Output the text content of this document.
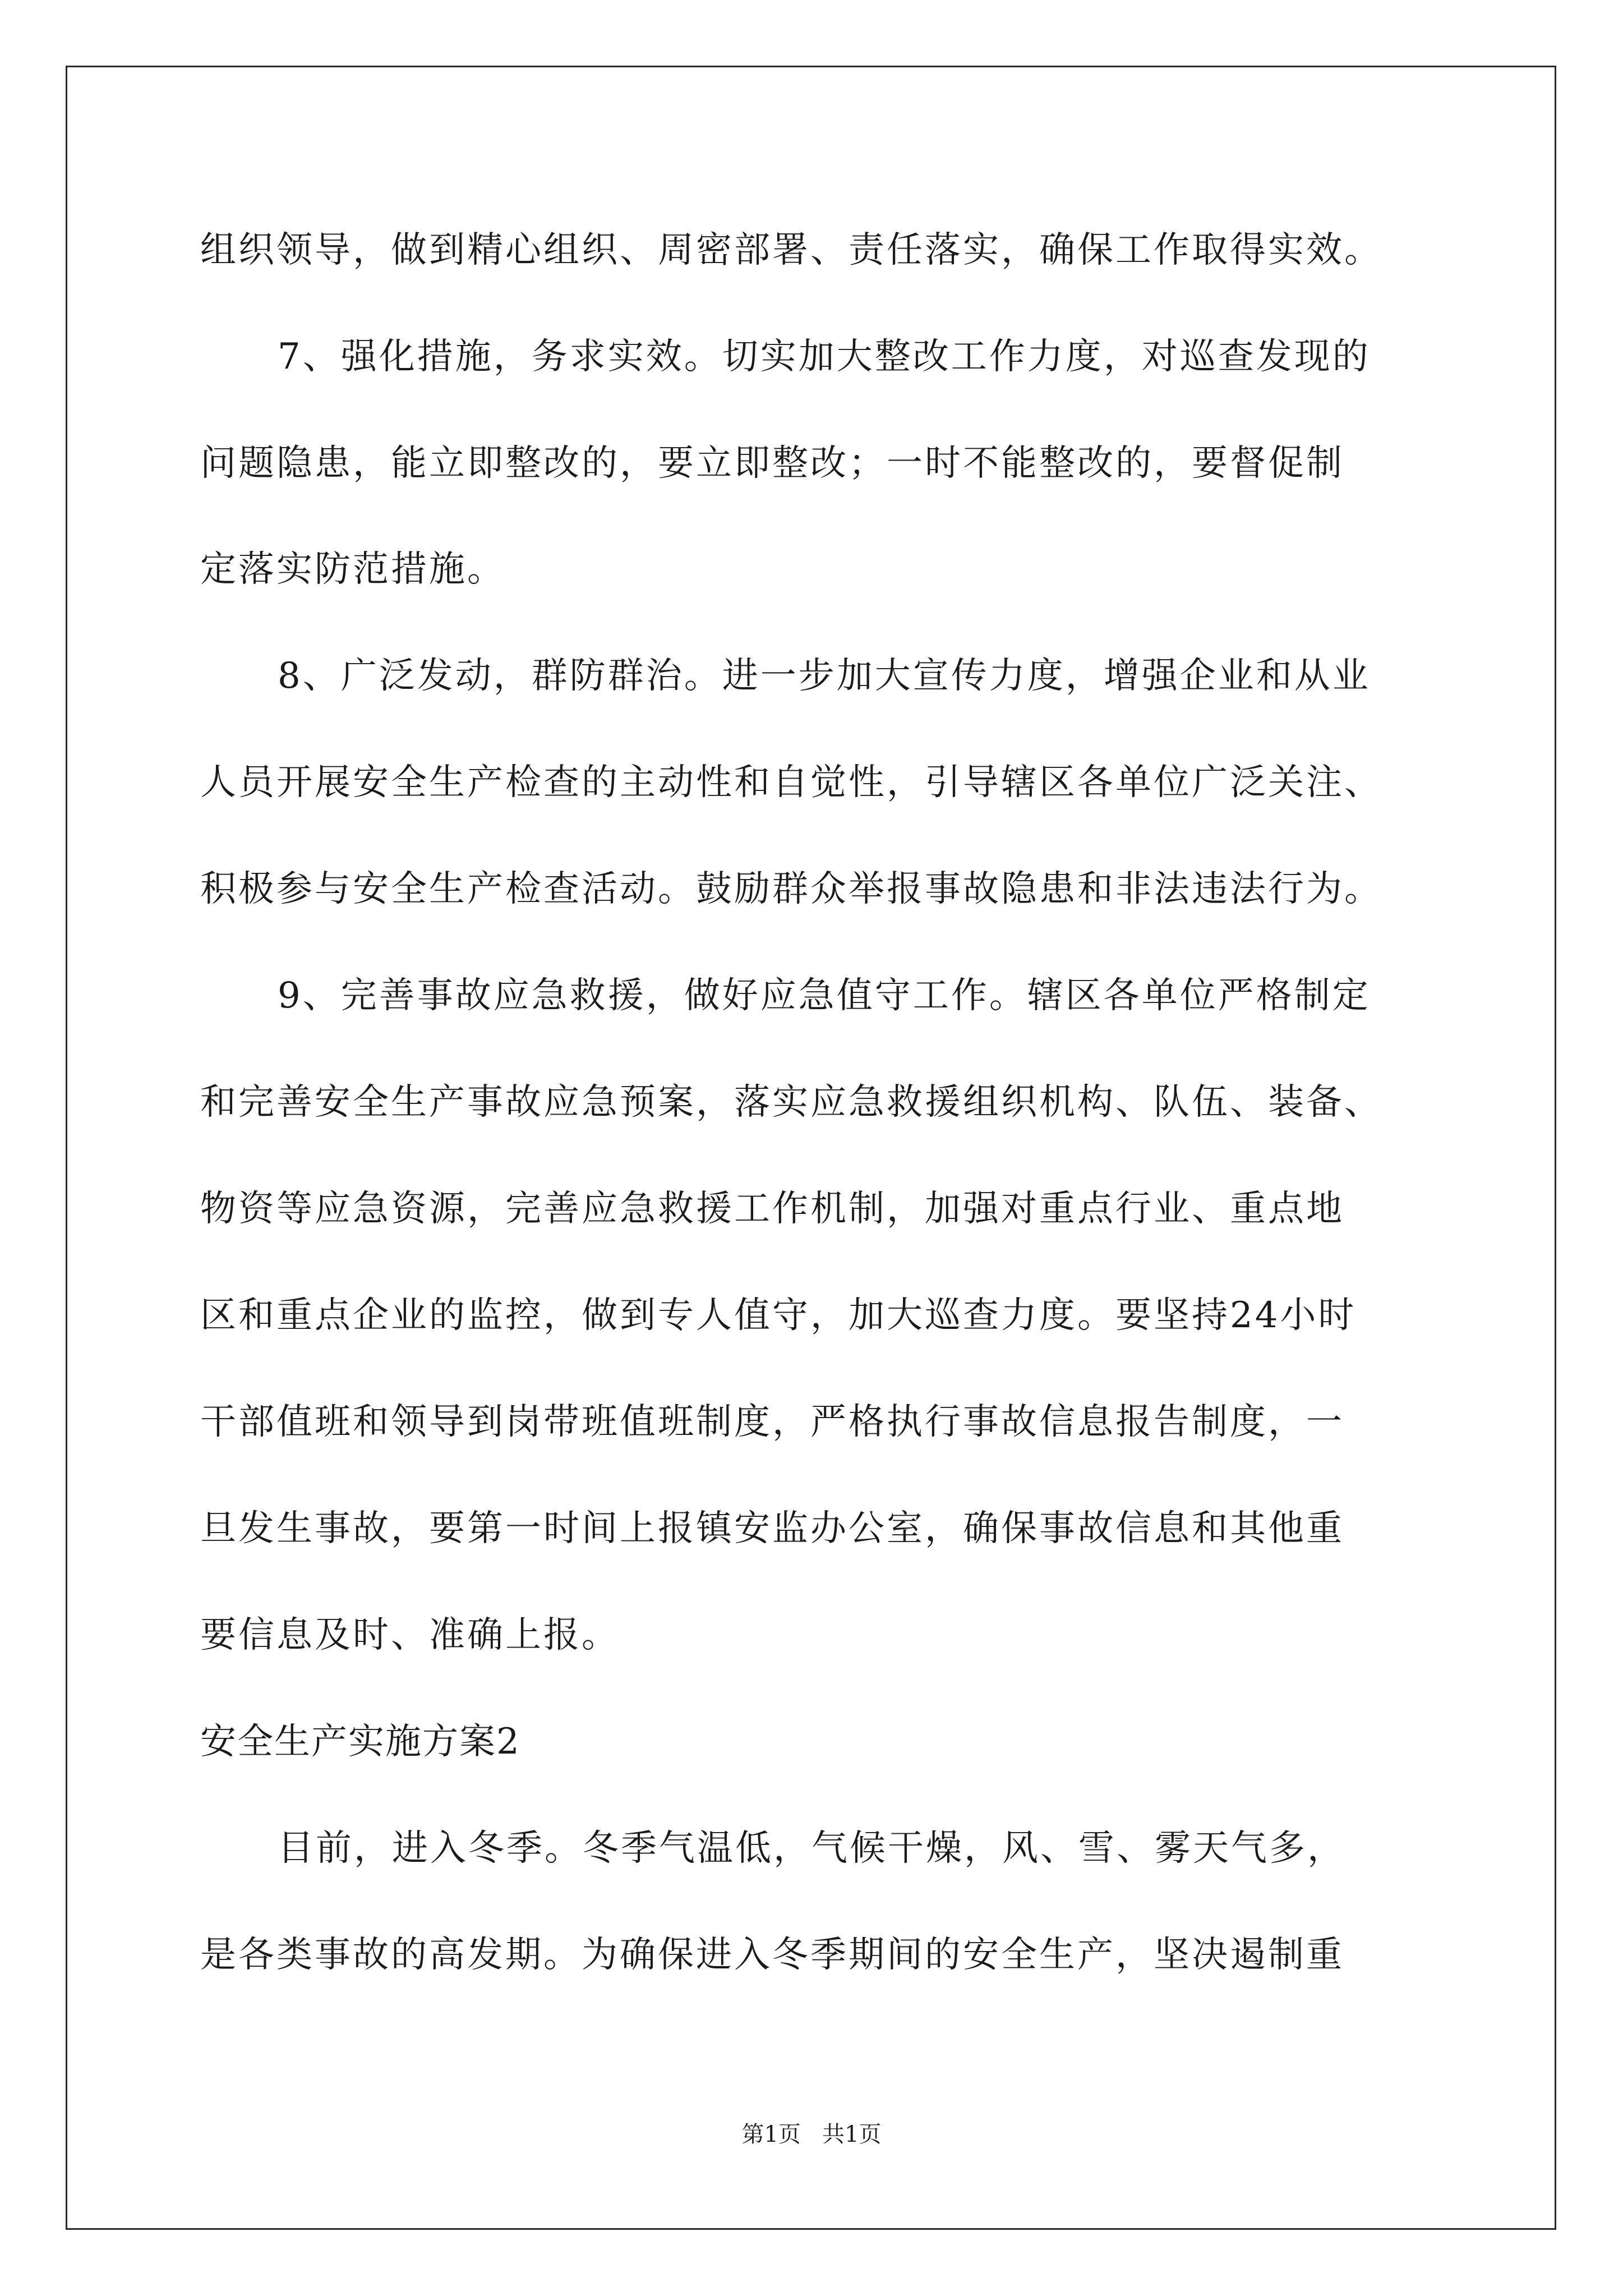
组织领导，做到精心组织、周密部署、责任落实，确保工作取得实效。
7、强化措施，务求实效。切实加大整改工作力度，对巡查发现的
问题隐患，能立即整改的，要立即整改；一时不能整改的，要督促制
定落实防范措施。
8、广泛发动，群防群治。进一步加大宣传力度，增强企业和从业
人员开展安全生产检查的主动性和自觉性，引导辖区各单位广泛关注、
积极参与安全生产检查活动。鼓励群众举报事故隐患和非法违法行为。
9、完善事故应急救援，做好应急值守工作。辖区各单位严格制定
和完善安全生产事故应急预案，落实应急救援组织机构、队伍、装备、
物资等应急资源，完善应急救援工作机制，加强对重点行业、重点地
区和重点企业的监控，做到专人值守，加大巡查力度。要坚持24小时
干部值班和领导到岗带班值班制度，严格执行事故信息报告制度，一
旦发生事故，要第一时间上报镇安监办公室，确保事故信息和其他重
要信息及时、准确上报。
安全生产实施方案2
目前，进入冬季。冬季气温低，气候干燥，风、雪、雾天气多，
是各类事故的高发期。为确保进入冬季期间的安全生产，坚决遏制重
第1页   共1页
